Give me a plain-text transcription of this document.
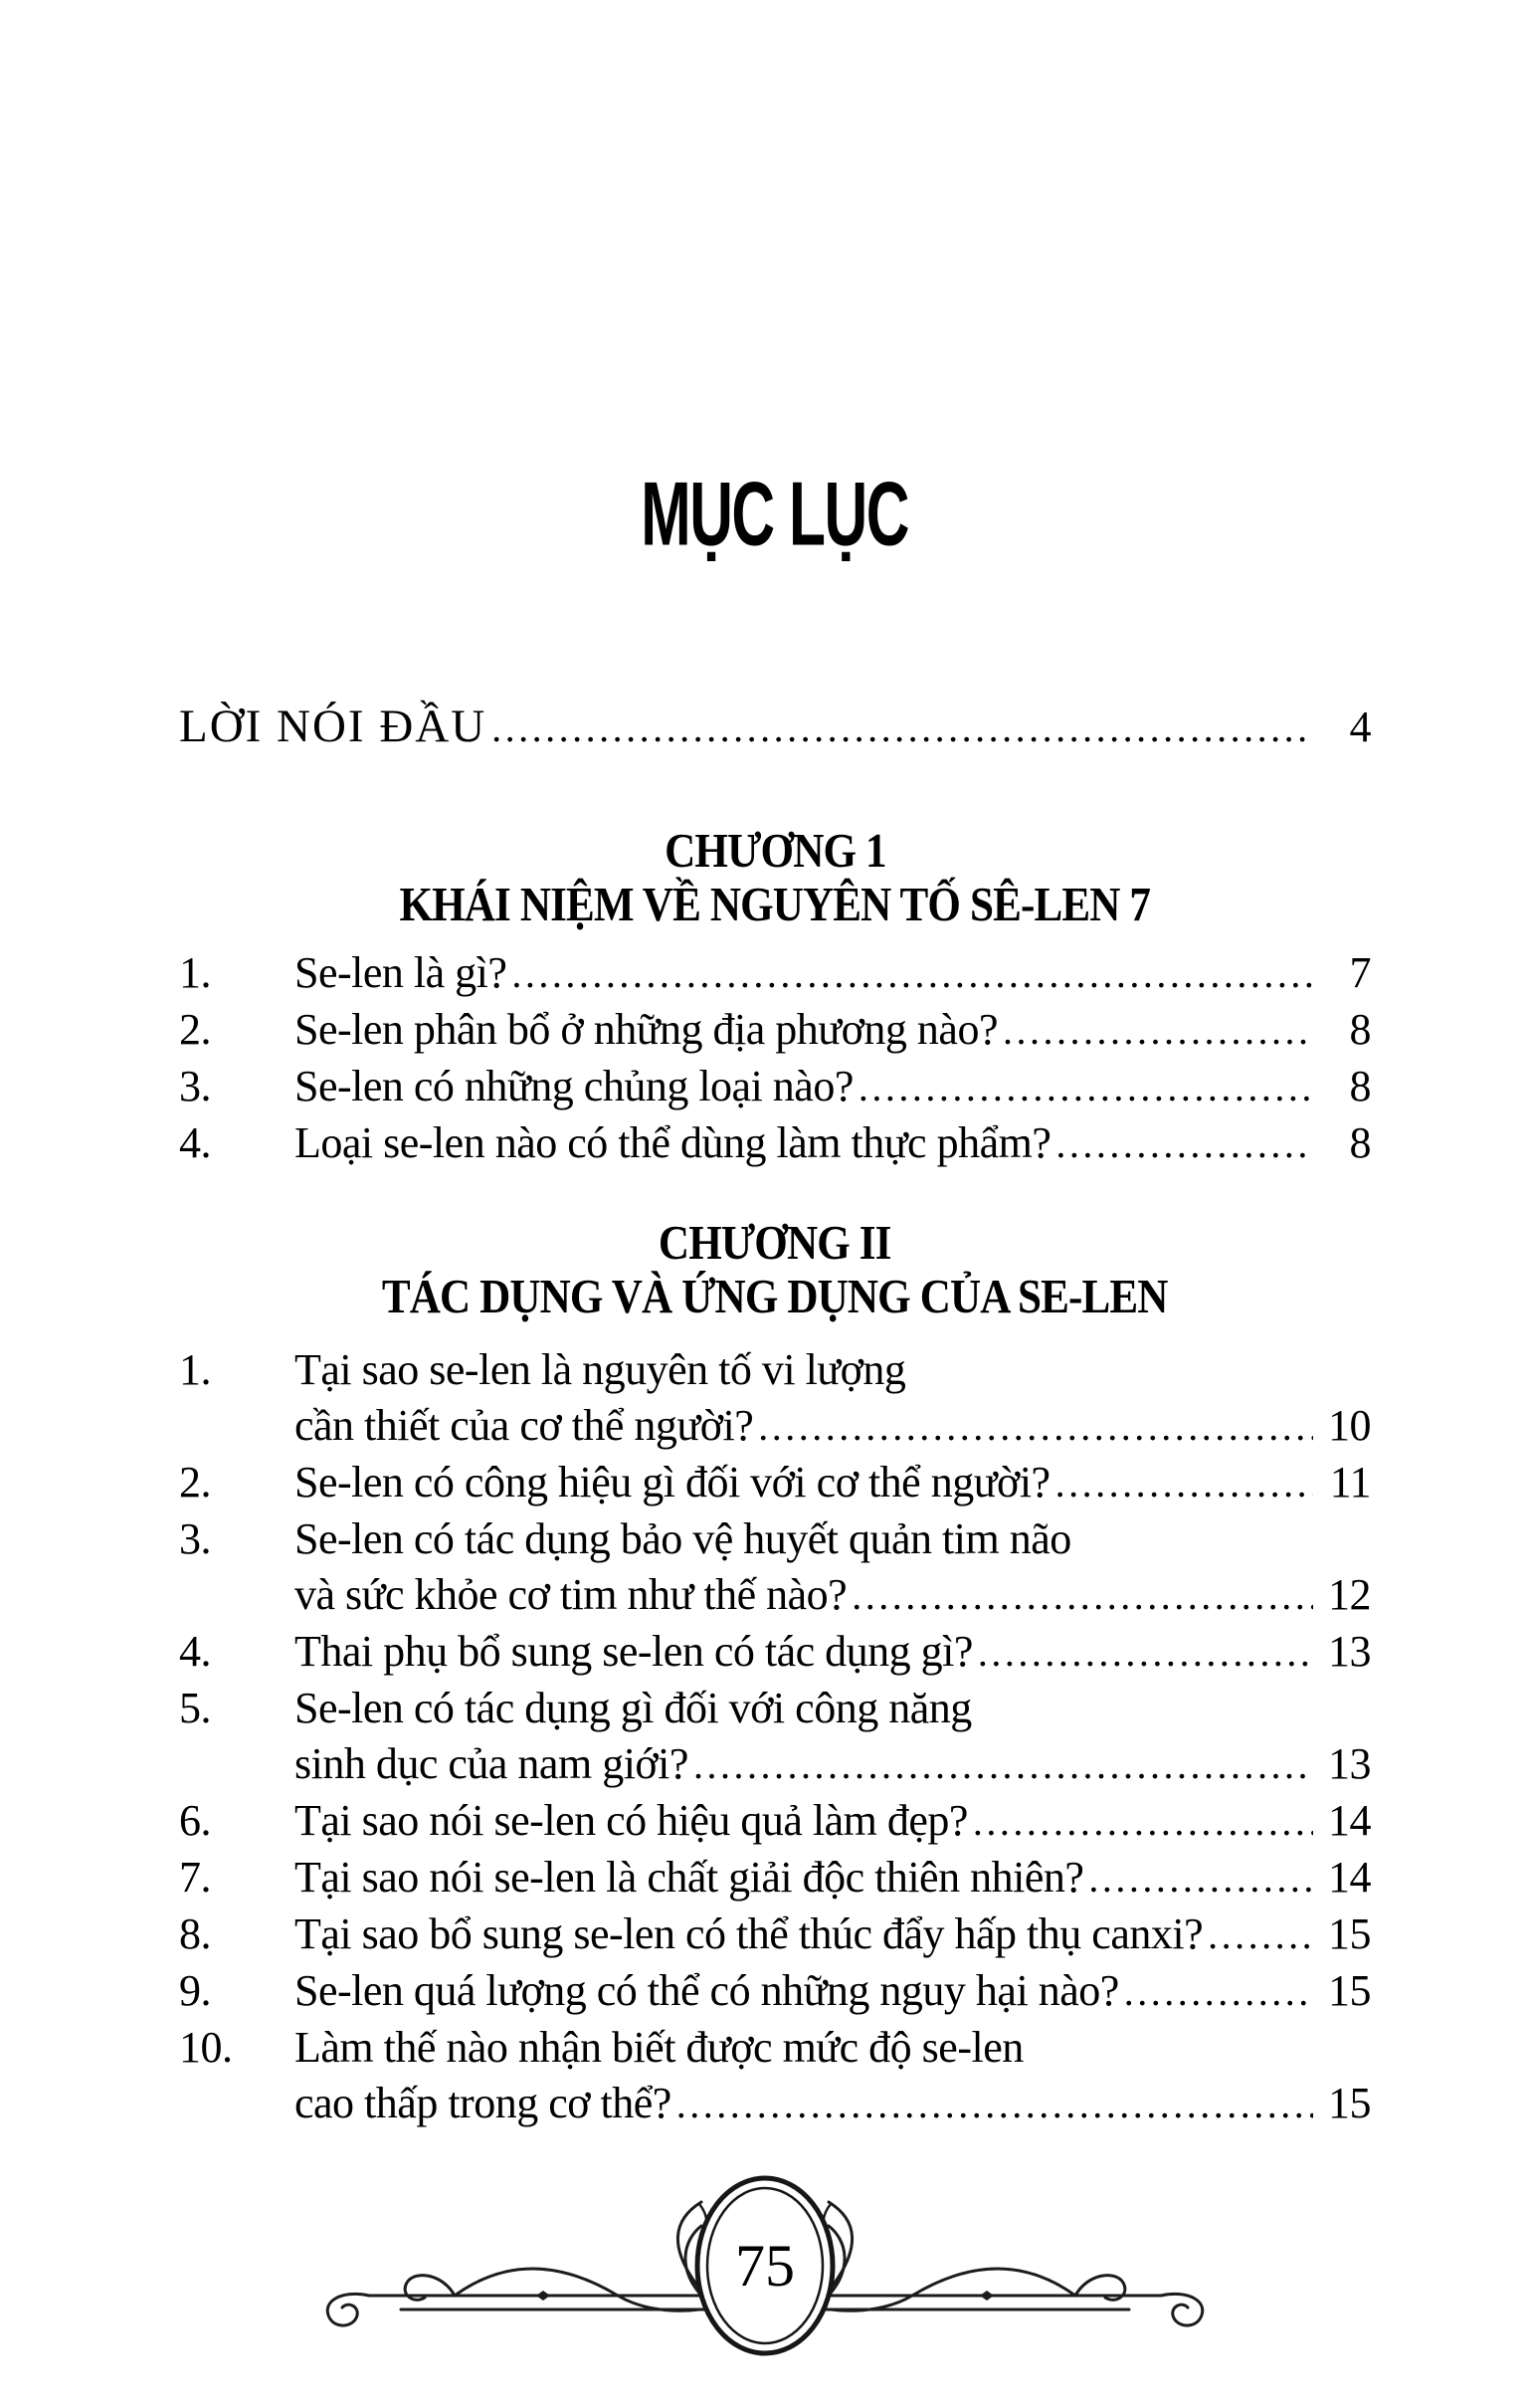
MỤC LỤC
LỜI NÓI ĐẦU .....	4
CHƯƠNG 1
KHÁI NIỆM VỀ NGUYÊN TỐ SÊ-LEN 7
1.	Se-len là gì? .....	7
2.	Se-len phân bổ ở những địa phương nào? .....	8
3.	Se-len có những chủng loại nào? .....	8
4.	Loại se-len nào có thể dùng làm thực phẩm? .....	8
CHƯƠNG II
TÁC DỤNG VÀ ỨNG DỤNG CỦA SE-LEN
1.	Tại sao se-len là nguyên tố vi lượng
cần thiết của cơ thể người? .....	10
2.	Se-len có công hiệu gì đối với cơ thể người? .....	11
3.	Se-len có tác dụng bảo vệ huyết quản tim não
và sức khỏe cơ tim như thế nào? .....	12
4.	Thai phụ bổ sung se-len có tác dụng gì? .....	13
5.	Se-len có tác dụng gì đối với công năng
sinh dục của nam giới? .....	13
6.	Tại sao nói se-len có hiệu quả làm đẹp? .....	14
7.	Tại sao nói se-len là chất giải độc thiên nhiên? .....	14
8.	Tại sao bổ sung se-len có thể thúc đẩy hấp thụ canxi? .....	15
9.	Se-len quá lượng có thể có những nguy hại nào? .....	15
10.	Làm thế nào nhận biết được mức độ se-len
cao thấp trong cơ thể? .....	15
75
